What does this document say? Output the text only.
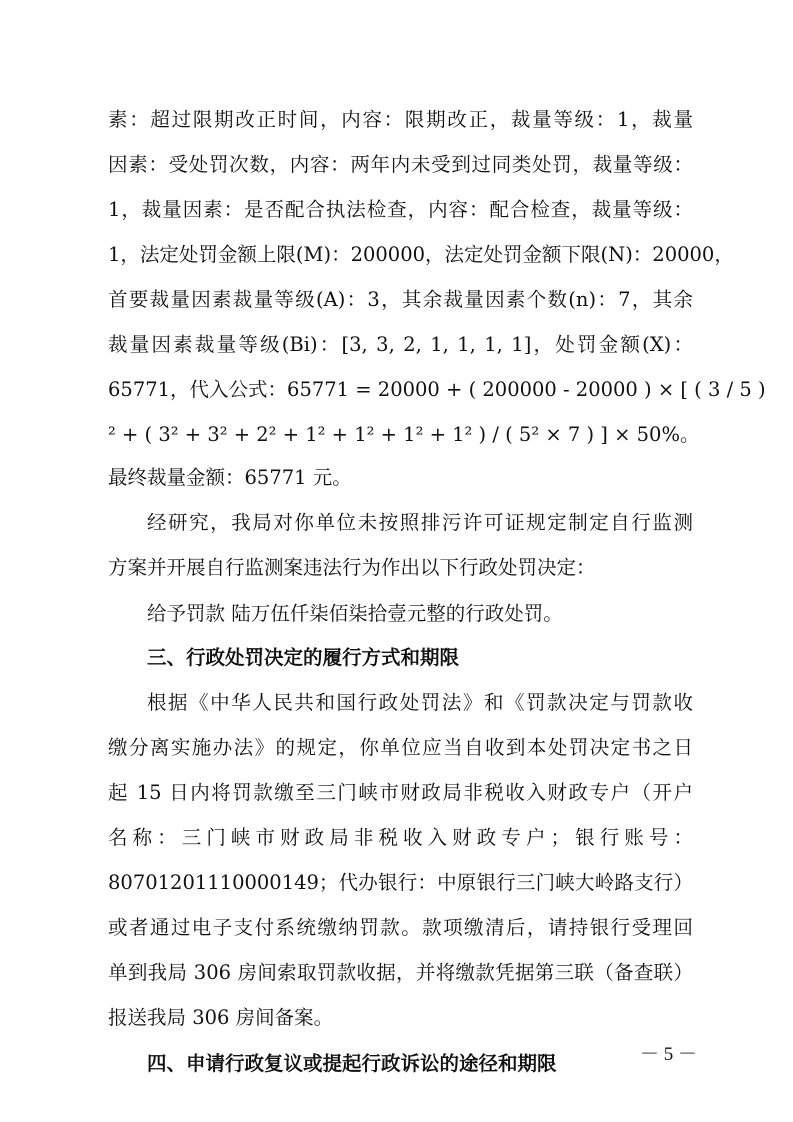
素：超过限期改正时间，内容：限期改正，裁量等级：1，裁量
因素：受处罚次数，内容：两年内未受到过同类处罚，裁量等级：
1，裁量因素：是否配合执法检查，内容：配合检查，裁量等级：
1，法定处罚金额上限(M)：200000，法定处罚金额下限(N)：20000，
首要裁量因素裁量等级(A)：3，其余裁量因素个数(n)：7，其余
裁量因素裁量等级(Bi)：[3, 3, 2, 1, 1, 1, 1]，处罚金额(X)：
65771，代入公式：65771 = 20000 + ( 200000 - 20000 ) × [ ( 3 / 5 )
² + ( 3² + 3² + 2² + 1² + 1² + 1² + 1² ) / ( 5² × 7 ) ] × 50%。
最终裁量金额：65771 元。
经研究，我局对你单位未按照排污许可证规定制定自行监测
方案并开展自行监测案违法行为作出以下行政处罚决定：
给予罚款 陆万伍仟柒佰柒拾壹元整的行政处罚。
三、行政处罚决定的履行方式和期限
根据《中华人民共和国行政处罚法》和《罚款决定与罚款收
缴分离实施办法》的规定，你单位应当自收到本处罚决定书之日
起 15 日内将罚款缴至三门峡市财政局非税收入财政专户（开户
名称：三门峡市财政局非税收入财政专户；银行账号：
80701201110000149；代办银行：中原银行三门峡大岭路支行）
或者通过电子支付系统缴纳罚款。款项缴清后，请持银行受理回
单到我局 306 房间索取罚款收据，并将缴款凭据第三联（备查联）
报送我局 306 房间备案。
四、申请行政复议或提起行政诉讼的途径和期限	－ 5 －
